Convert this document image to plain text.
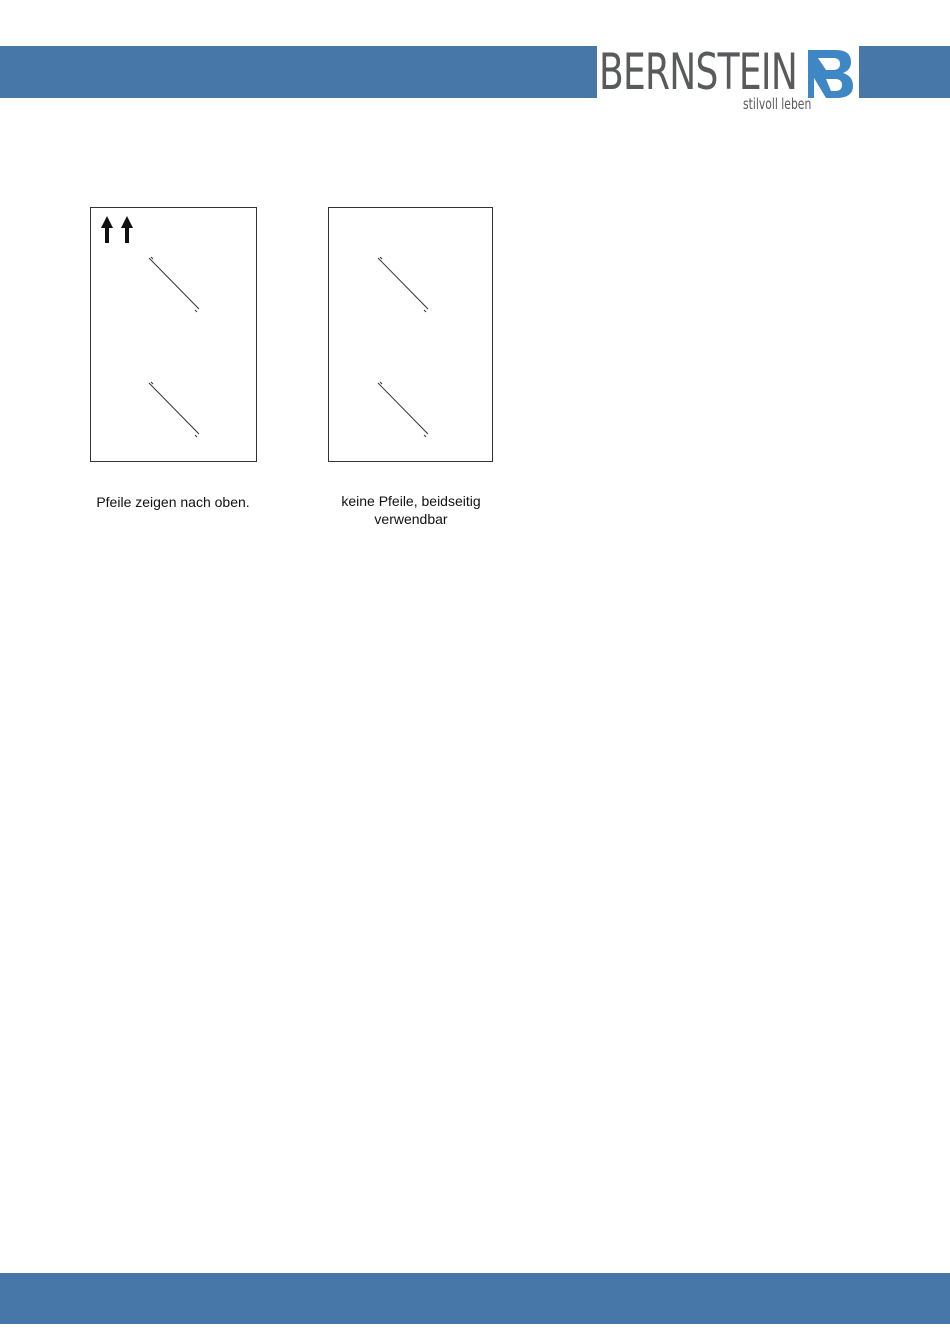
BERNSTEIN
stilvoll leben
Pfeile zeigen nach oben.	keine Pfeile, beidseitig
verwendbar
